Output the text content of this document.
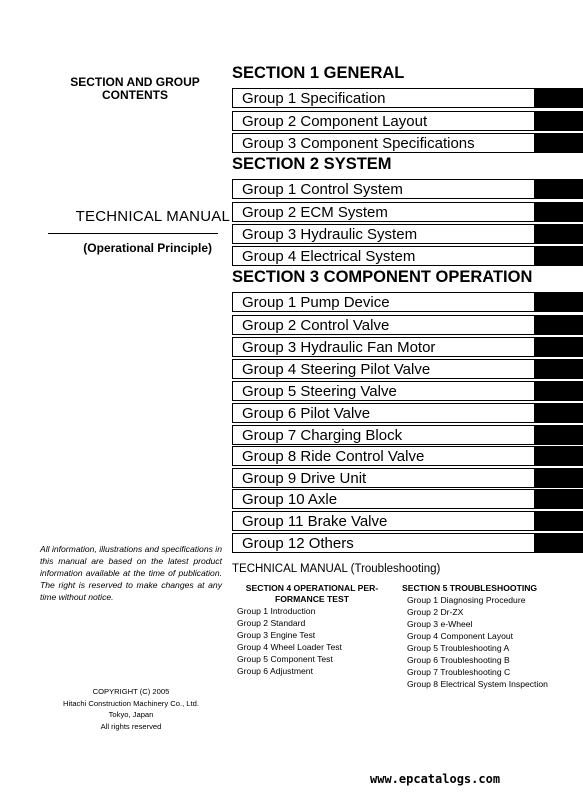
SECTION AND GROUP
CONTENTS
TECHNICAL MANUAL
(Operational Principle)
All information, illustrations and specifications in this manual are based on the latest product information available at the time of publication. The right is reserved to make changes at any time without notice.
COPYRIGHT (C) 2005
Hitachi Construction Machinery Co., Ltd.
Tokyo, Japan
All rights reserved
SECTION 1 GENERAL
Group 1 Specification
Group 2 Component Layout
Group 3 Component Specifications
SECTION 2 SYSTEM
Group 1 Control System
Group 2 ECM System
Group 3 Hydraulic System
Group 4 Electrical System
SECTION 3 COMPONENT OPERATION
Group 1 Pump Device
Group 2 Control Valve
Group 3 Hydraulic Fan Motor
Group 4 Steering Pilot Valve
Group 5 Steering Valve
Group 6 Pilot Valve
Group 7 Charging Block
Group 8 Ride Control Valve
Group 9 Drive Unit
Group 10 Axle
Group 11 Brake Valve
Group 12 Others
TECHNICAL MANUAL (Troubleshooting)
SECTION 4 OPERATIONAL PER-
FORMANCE TEST
Group 1 Introduction
Group 2 Standard
Group 3 Engine Test
Group 4 Wheel Loader Test
Group 5 Component Test
Group 6 Adjustment
SECTION 5 TROUBLESHOOTING
Group 1 Diagnosing Procedure
Group 2 Dr-ZX
Group 3 e-Wheel
Group 4 Component Layout
Group 5 Troubleshooting A
Group 6 Troubleshooting B
Group 7 Troubleshooting C
Group 8 Electrical System Inspection
www.epcatalogs.com
